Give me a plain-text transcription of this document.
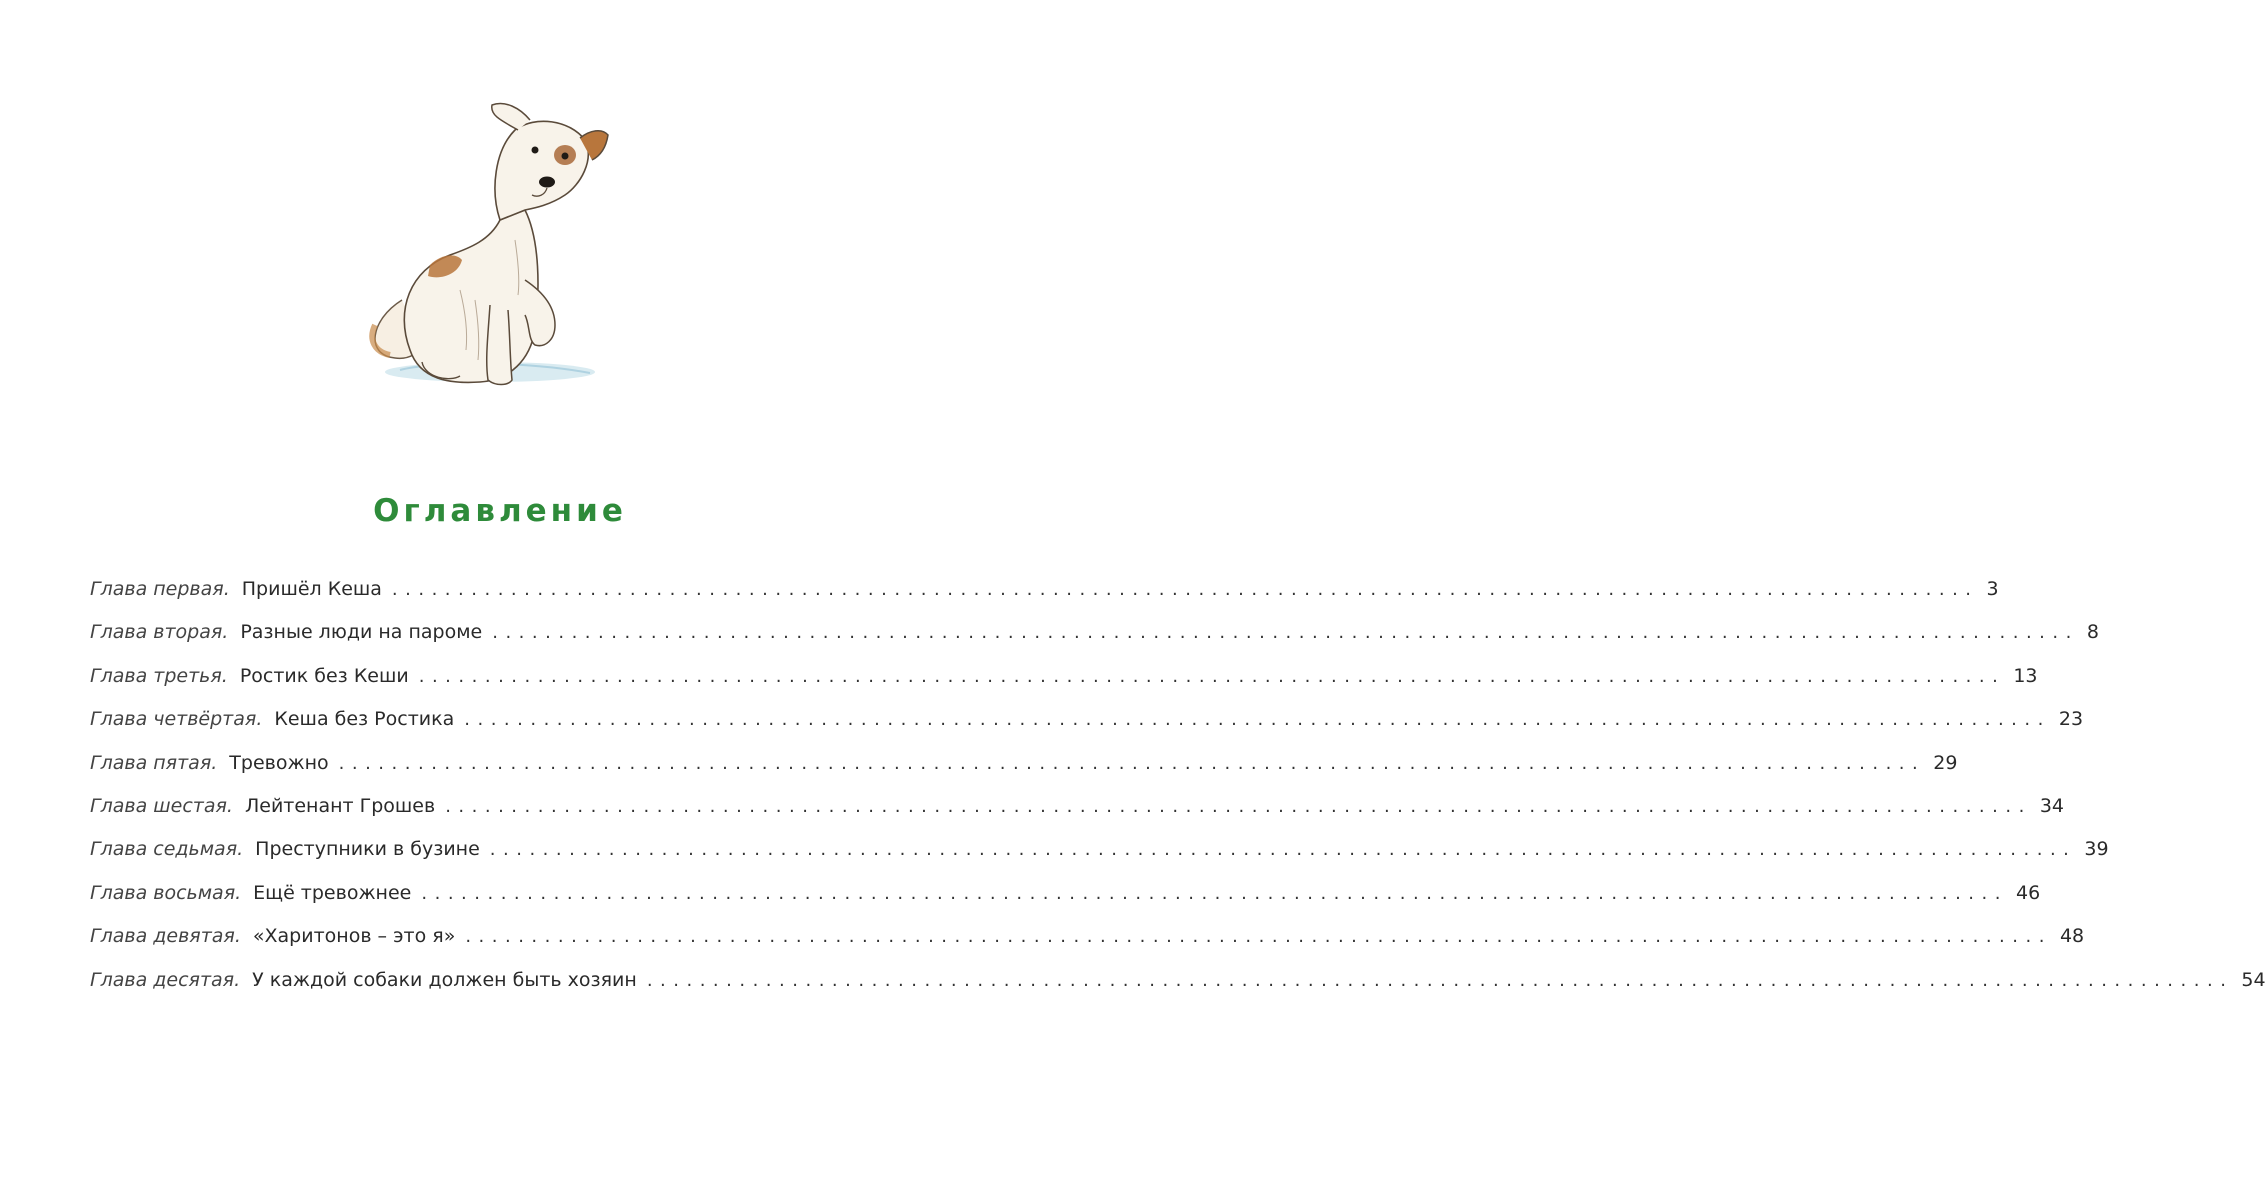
Оглавление
Глава первая. Пришёл Кеша ........................................................................................................................ 3
Глава вторая. Разные люди на пароме ........................................................................................................................ 8
Глава третья. Ростик без Кеши ........................................................................................................................ 13
Глава четвёртая. Кеша без Ростика ........................................................................................................................ 23
Глава пятая. Тревожно ........................................................................................................................ 29
Глава шестая. Лейтенант Грошев ........................................................................................................................ 34
Глава седьмая. Преступники в бузине ........................................................................................................................ 39
Глава восьмая. Ещё тревожнее ........................................................................................................................ 46
Глава девятая. «Харитонов – это я» ........................................................................................................................ 48
Глава десятая. У каждой собаки должен быть хозяин ........................................................................................................................ 54
